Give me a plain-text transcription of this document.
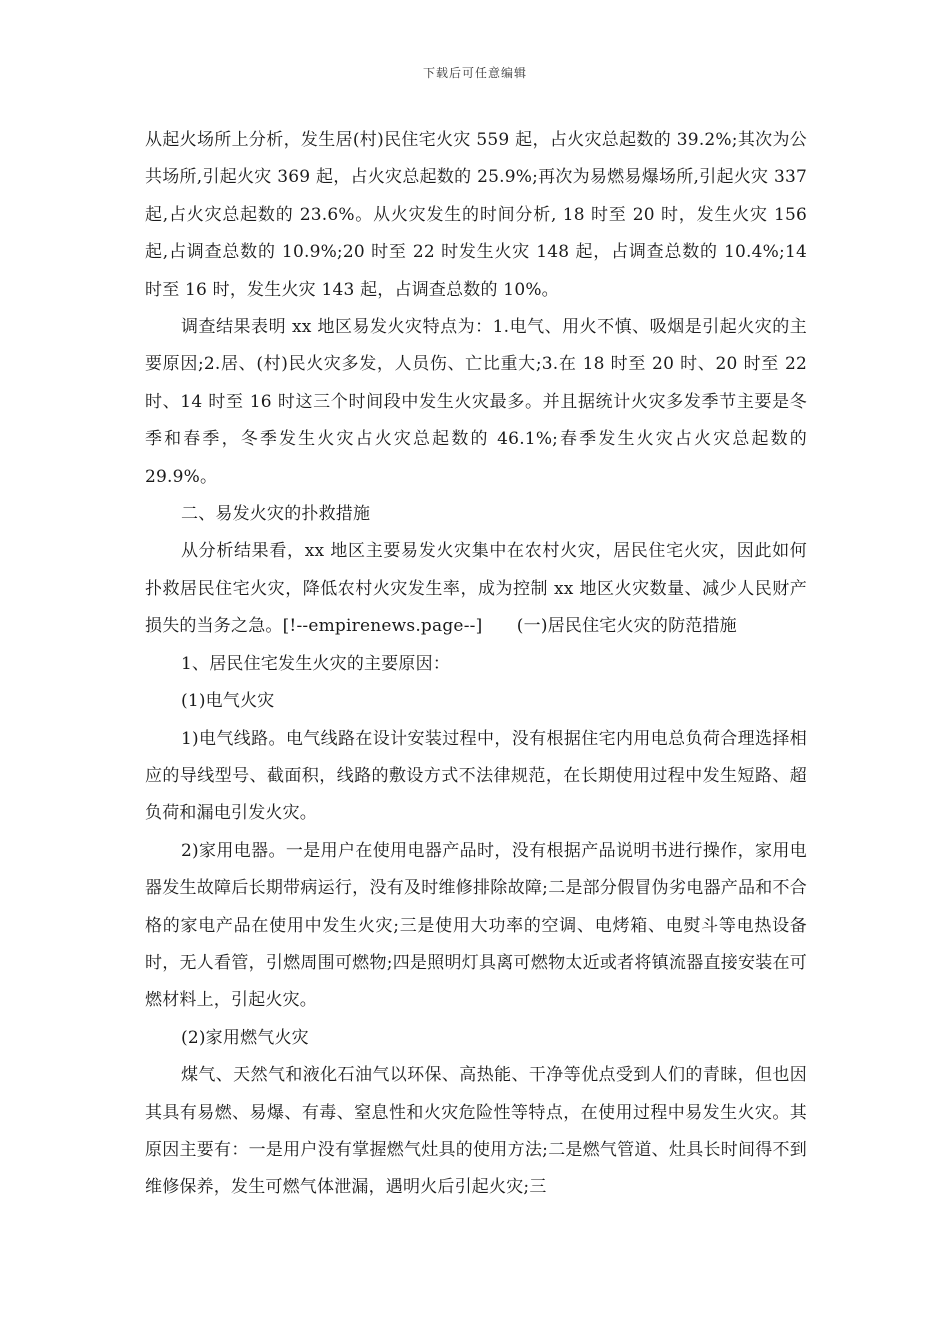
下载后可任意编辑

从起火场所上分析，发生居(村)民住宅火灾 559 起，占火灾总起数的 39.2%;其次为公共场所,引起火灾 369 起，占火灾总起数的 25.9%;再次为易燃易爆场所,引起火灾 337 起,占火灾总起数的 23.6%。从火灾发生的时间分析, 18 时至 20 时，发生火灾 156 起,占调查总数的 10.9%;20 时至 22 时发生火灾 148 起，占调查总数的 10.4%;14 时至 16 时，发生火灾 143 起，占调查总数的 10%。

调查结果表明 xx 地区易发火灾特点为：1.电气、用火不慎、吸烟是引起火灾的主要原因;2.居、(村)民火灾多发，人员伤、亡比重大;3.在 18 时至 20 时、20 时至 22 时、14 时至 16 时这三个时间段中发生火灾最多。并且据统计火灾多发季节主要是冬季和春季，冬季发生火灾占火灾总起数的 46.1%;春季发生火灾占火灾总起数的 29.9%。

二、易发火灾的扑救措施

从分析结果看，xx 地区主要易发火灾集中在农村火灾，居民住宅火灾，因此如何扑救居民住宅火灾，降低农村火灾发生率，成为控制 xx 地区火灾数量、减少人民财产损失的当务之急。[!--empirenews.page--]　　(一)居民住宅火灾的防范措施

1、居民住宅发生火灾的主要原因：

(1)电气火灾

1)电气线路。电气线路在设计安装过程中，没有根据住宅内用电总负荷合理选择相应的导线型号、截面积，线路的敷设方式不法律规范，在长期使用过程中发生短路、超负荷和漏电引发火灾。

2)家用电器。一是用户在使用电器产品时，没有根据产品说明书进行操作，家用电器发生故障后长期带病运行，没有及时维修排除故障;二是部分假冒伪劣电器产品和不合格的家电产品在使用中发生火灾;三是使用大功率的空调、电烤箱、电熨斗等电热设备时，无人看管，引燃周围可燃物;四是照明灯具离可燃物太近或者将镇流器直接安装在可燃材料上，引起火灾。

(2)家用燃气火灾

煤气、天然气和液化石油气以环保、高热能、干净等优点受到人们的青睐，但也因其具有易燃、易爆、有毒、窒息性和火灾危险性等特点，在使用过程中易发生火灾。其原因主要有：一是用户没有掌握燃气灶具的使用方法;二是燃气管道、灶具长时间得不到维修保养，发生可燃气体泄漏，遇明火后引起火灾;三
